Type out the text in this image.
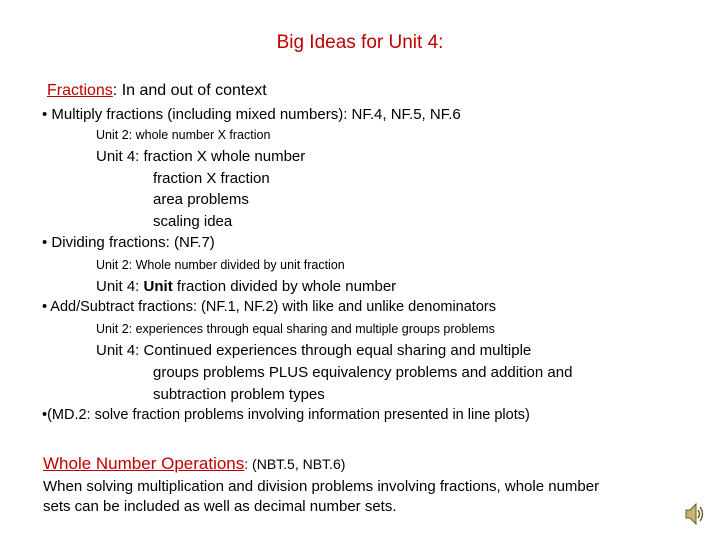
Big Ideas for Unit 4:
Fractions: In and out of context
• Multiply fractions (including mixed numbers): NF.4, NF.5, NF.6
Unit 2: whole number X fraction
Unit 4: fraction X whole number
fraction X fraction
area problems
scaling idea
• Dividing fractions: (NF.7)
Unit 2: Whole number divided by unit fraction
Unit 4: Unit fraction divided by whole number
• Add/Subtract fractions: (NF.1, NF.2) with like and unlike denominators
Unit 2: experiences through equal sharing and multiple groups problems
Unit 4: Continued experiences through equal sharing and multiple
groups problems PLUS equivalency problems and addition and
subtraction problem types
•(MD.2: solve fraction problems involving information presented in line plots)
Whole Number Operations: (NBT.5, NBT.6)
When solving multiplication and division problems involving fractions, whole number
sets can be included as well as decimal number sets.
